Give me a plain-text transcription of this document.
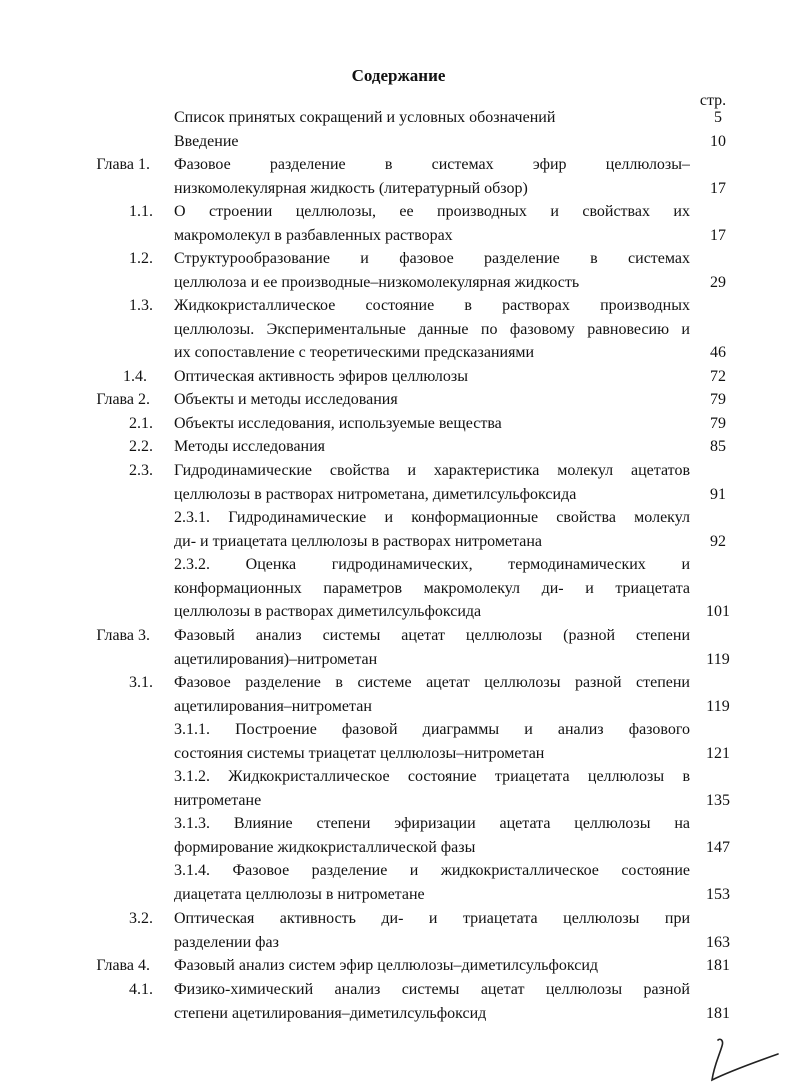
Содержание
стр.
Список принятых сокращений и условных обозначений	5
Введение	10
Глава 1. Фазовое разделение в системах эфир целлюлозы–
низкомолекулярная жидкость (литературный обзор)	17
1.1. О строении целлюлозы, ее производных и свойствах их
макромолекул в разбавленных растворах	17
1.2. Структурообразование и фазовое разделение в системах
целлюлоза и ее производные–низкомолекулярная жидкость	29
1.3. Жидкокристаллическое состояние в растворах производных
целлюлозы. Экспериментальные данные по фазовому равновесию и
их сопоставление с теоретическими предсказаниями	46
1.4. Оптическая активность эфиров целлюлозы	72
Глава 2. Объекты и методы исследования	79
2.1. Объекты исследования, используемые вещества	79
2.2. Методы исследования	85
2.3. Гидродинамические свойства и характеристика молекул ацетатов
целлюлозы в растворах нитрометана, диметилсульфоксида	91
2.3.1. Гидродинамические и конформационные свойства молекул
ди- и триацетата целлюлозы в растворах нитрометана	92
2.3.2. Оценка гидродинамических, термодинамических и
конформационных параметров макромолекул ди- и триацетата
целлюлозы в растворах диметилсульфоксида	101
Глава 3. Фазовый анализ системы ацетат целлюлозы (разной степени
ацетилирования)–нитрометан	119
3.1. Фазовое разделение в системе ацетат целлюлозы разной степени
ацетилирования–нитрометан	119
3.1.1. Построение фазовой диаграммы и анализ фазового
состояния системы триацетат целлюлозы–нитрометан	121
3.1.2. Жидкокристаллическое состояние триацетата целлюлозы в
нитрометане	135
3.1.3. Влияние степени эфиризации ацетата целлюлозы на
формирование жидкокристаллической фазы	147
3.1.4. Фазовое разделение и жидкокристаллическое состояние
диацетата целлюлозы в нитрометане	153
3.2. Оптическая активность ди- и триацетата целлюлозы при
разделении фаз	163
Глава 4. Фазовый анализ систем эфир целлюлозы–диметилсульфоксид	181
4.1. Физико-химический анализ системы ацетат целлюлозы разной
степени ацетилирования–диметилсульфоксид	181
